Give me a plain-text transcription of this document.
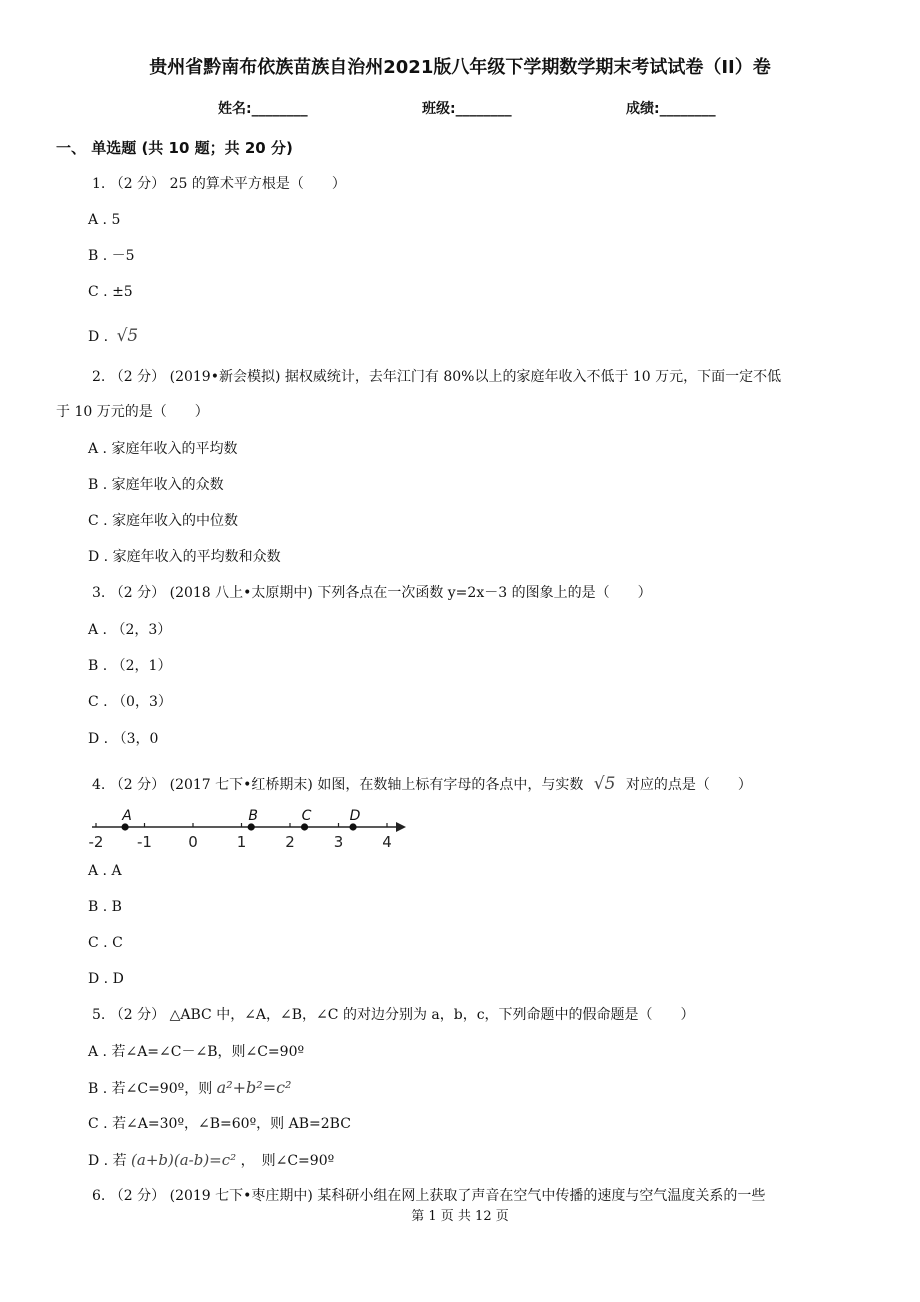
贵州省黔南布依族苗族自治州2021版八年级下学期数学期末考试试卷（II）卷
姓名:________	班级:________	成绩:________
一、 单选题 (共 10 题；共 20 分)
1. （2 分） 25 的算术平方根是（　　）
A . 5
B . －5
C . ±5
D . √5
2. （2 分） (2019•新会模拟) 据权威统计，去年江门有 80%以上的家庭年收入不低于 10 万元，下面一定不低
于 10 万元的是（　　）
A . 家庭年收入的平均数
B . 家庭年收入的众数
C . 家庭年收入的中位数
D . 家庭年收入的平均数和众数
3. （2 分） (2018 八上•太原期中) 下列各点在一次函数 y=2x－3 的图象上的是（　　）
A . （2，3）
B . （2，1）
C . （0，3）
D . （3，0
4. （2 分） (2017 七下•红桥期末) 如图，在数轴上标有字母的各点中，与实数 √5 对应的点是（　　）
-2 -1 0	1	2	3	4
A	B	C	D
A . A
B . B
C . C
D . D
5. （2 分） △ABC 中，∠A，∠B，∠C 的对边分别为 a，b，c，下列命题中的假命题是（　　）
A . 若∠A=∠C－∠B，则∠C=90º
B . 若∠C=90º，则 a²+b²=c²
C . 若∠A=30º，∠B=60º，则 AB=2BC
D . 若 (a+b)(a-b)=c² ，　则∠C=90º
6. （2 分） (2019 七下•枣庄期中) 某科研小组在网上获取了声音在空气中传播的速度与空气温度关系的一些
第 1 页 共 12 页
